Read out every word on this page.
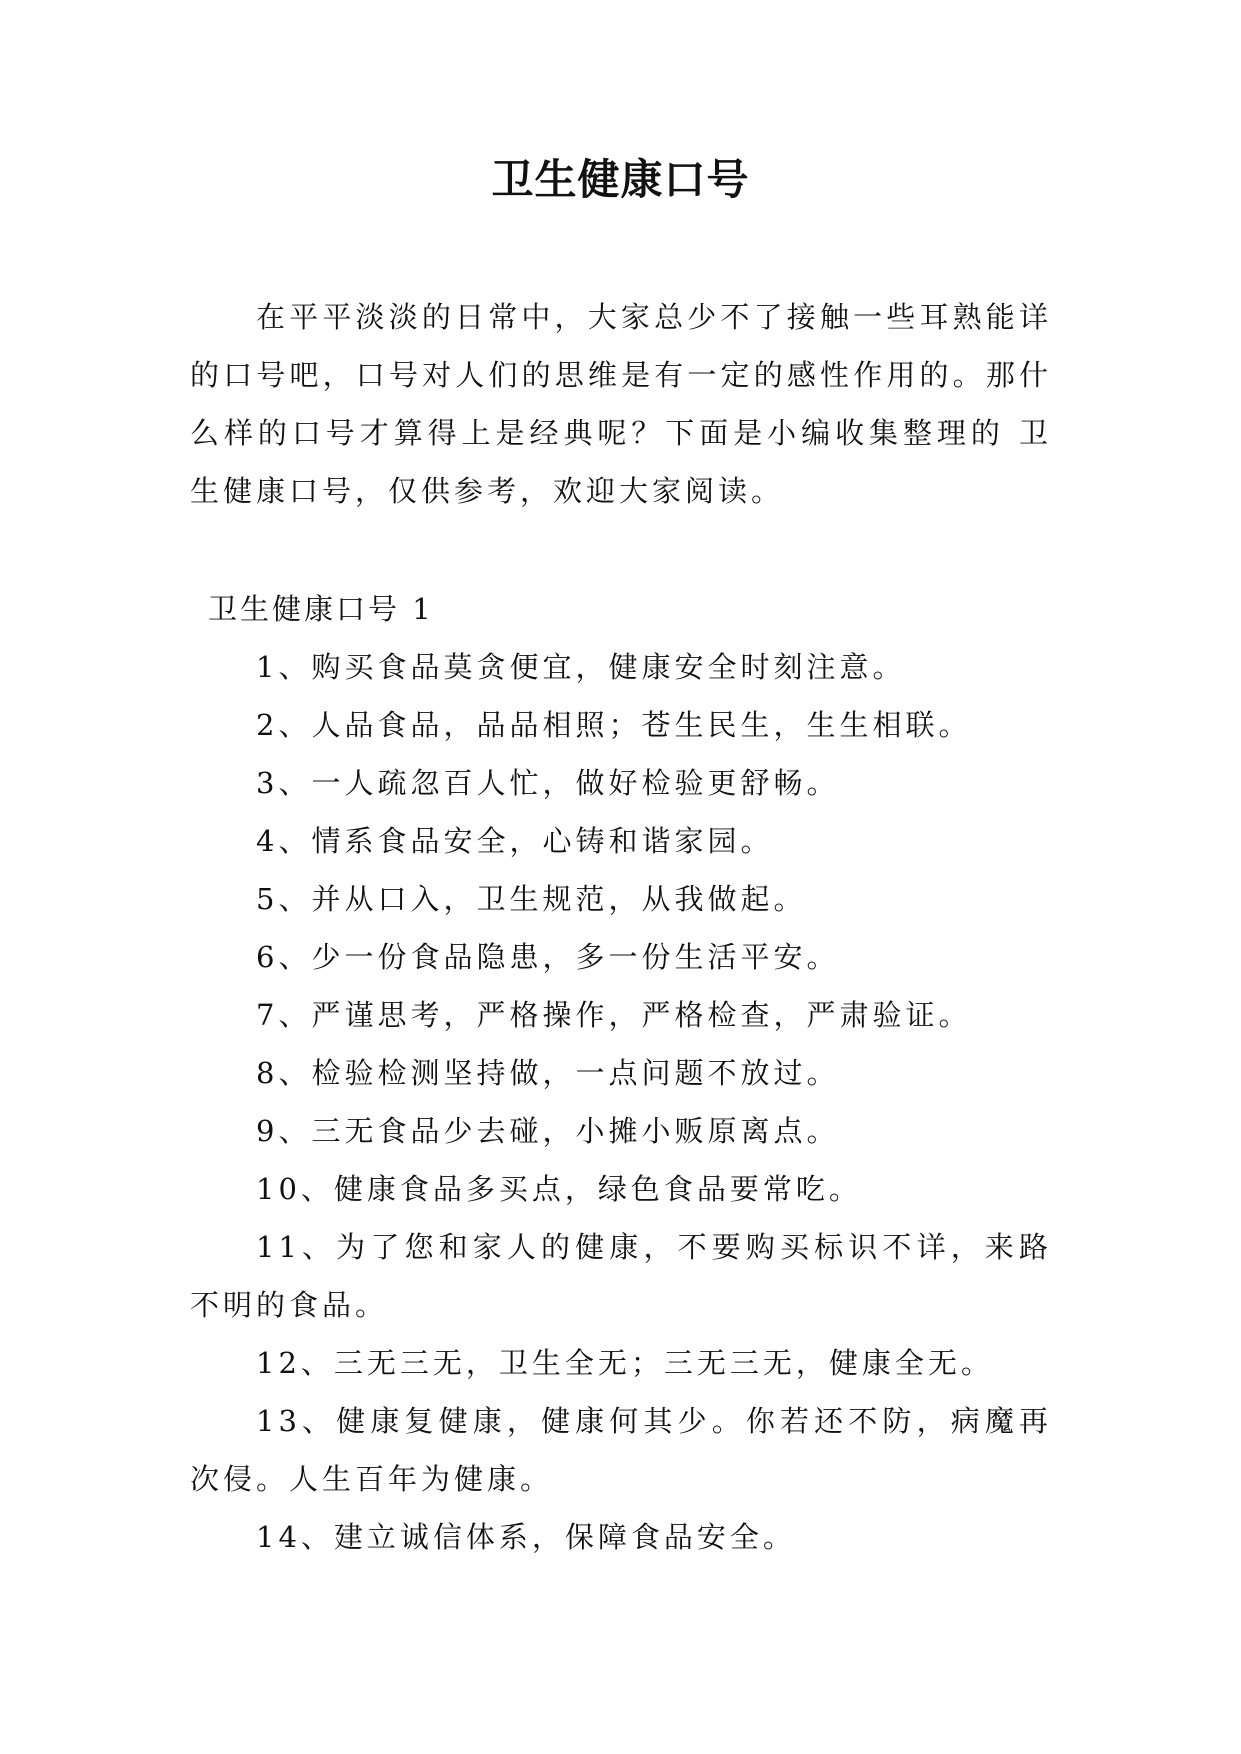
卫生健康口号

在平平淡淡的日常中，大家总少不了接触一些耳熟能详的口号吧，口号对人们的思维是有一定的感性作用的。那什么样的口号才算得上是经典呢？下面是小编收集整理的 卫生健康口号，仅供参考，欢迎大家阅读。

卫生健康口号 1

1、购买食品莫贪便宜，健康安全时刻注意。
2、人品食品，品品相照；苍生民生，生生相联。
3、一人疏忽百人忙，做好检验更舒畅。
4、情系食品安全，心铸和谐家园。
5、并从口入，卫生规范，从我做起。
6、少一份食品隐患，多一份生活平安。
7、严谨思考，严格操作，严格检查，严肃验证。
8、检验检测坚持做，一点问题不放过。
9、三无食品少去碰，小摊小贩原离点。
10、健康食品多买点，绿色食品要常吃。
11、为了您和家人的健康，不要购买标识不详，来路不明的食品。
12、三无三无，卫生全无；三无三无，健康全无。
13、健康复健康，健康何其少。你若还不防，病魔再次侵。人生百年为健康。
14、建立诚信体系，保障食品安全。
